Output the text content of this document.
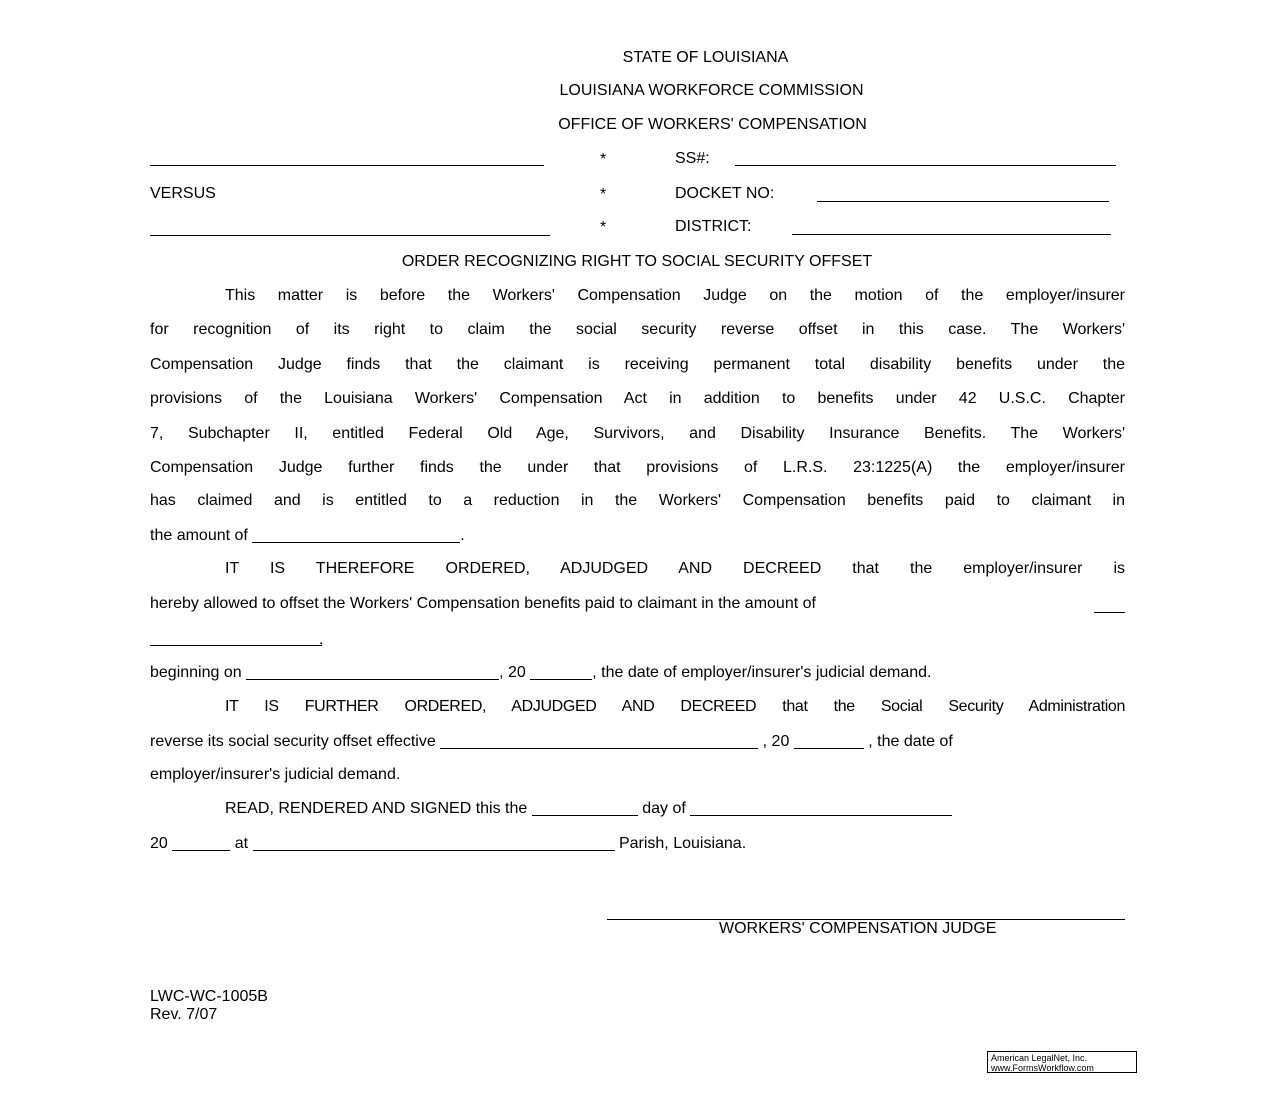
STATE OF LOUISIANA
LOUISIANA WORKFORCE COMMISSION
OFFICE OF WORKERS' COMPENSATION
*	SS#:
VERSUS	*	DOCKET NO:
*	DISTRICT:
ORDER RECOGNIZING RIGHT TO SOCIAL SECURITY OFFSET
This matter is before the Workers' Compensation Judge on the motion of the employer/insurer
for recognition of its right to claim the social security reverse offset in this case. The Workers'
Compensation Judge finds that the claimant is receiving permanent total disability benefits under the
provisions of the Louisiana Workers' Compensation Act in addition to benefits under 42 U.S.C. Chapter
7, Subchapter II, entitled Federal Old Age, Survivors, and Disability Insurance Benefits. The Workers'
Compensation Judge further finds the under that provisions of L.R.S. 23:1225(A) the employer/insurer
has claimed and is entitled to a reduction in the Workers' Compensation benefits paid to claimant in
the amount of	.
IT IS THEREFORE ORDERED, ADJUDGED AND DECREED that the employer/insurer is
hereby allowed to offset the Workers' Compensation benefits paid to claimant in the amount of
.
beginning on	, 20	, the date of employer/insurer's judicial demand.
IT IS FURTHER ORDERED, ADJUDGED AND DECREED that the Social Security Administration
reverse its social security offset effective	, 20	, the date of
employer/insurer's judicial demand.
READ, RENDERED AND SIGNED this the	day of
20	at	Parish, Louisiana.
WORKERS' COMPENSATION JUDGE
LWC-WC-1005B
Rev. 7/07
American LegalNet, Inc.
www.FormsWorkflow.com
